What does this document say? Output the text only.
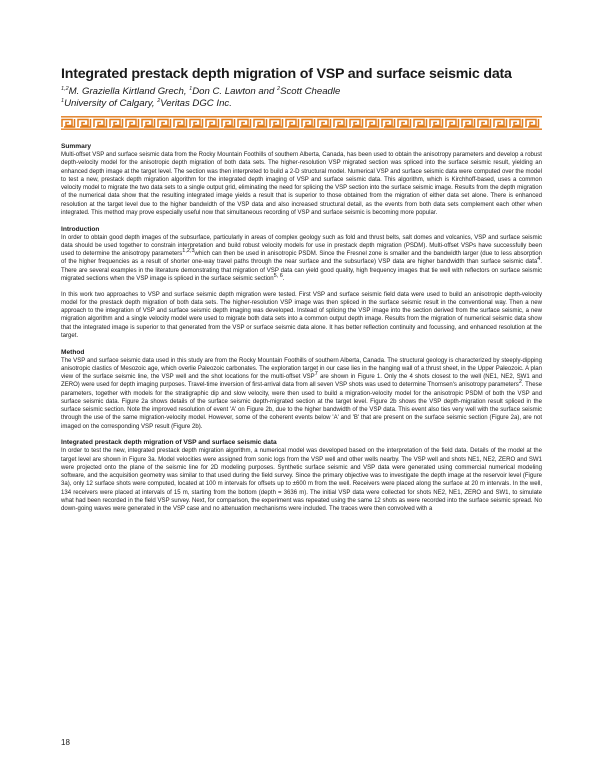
Integrated prestack depth migration of VSP and surface seismic data
$^{1,2}$M. Graziella Kirtland Grech, $^1$Don C. Lawton and $^2$Scott Cheadle
$^1$University of Calgary, $^2$Veritas DGC Inc.
Summary

Multi-offset VSP and surface seismic data from the Rocky Mountain Foothills of southern Alberta, Canada, has been used to obtain the anisotropy parameters and develop a robust depth-velocity model for the anisotropic depth migration of both data sets. The higher-resolution VSP migrated section was spliced into the surface seismic result, yielding an enhanced depth image at the target level. The section was then interpreted to build a 2-D structural model. Numerical VSP and surface seismic data were computed over the model to test a new, prestack depth migration algorithm for the integrated depth imaging of VSP and surface seismic data. This algorithm, which is Kirchhoff-based, uses a common velocity model to migrate the two data sets to a single output grid, eliminating the need for splicing the VSP section into the surface seismic image. Results from the depth migration of the numerical data show that the resulting integrated image yields a result that is superior to those obtained from the migration of either data set alone. There is enhanced resolution at the target level due to the higher bandwidth of the VSP data and also increased structural detail, as the events from both data sets complement each other when integrated. This method may prove especially useful now that simultaneous recording of VSP and surface seismic is becoming more popular.

Introduction

In order to obtain good depth images of the subsurface, particularly in areas of complex geology such as fold and thrust belts, salt domes and volcanics, VSP and surface seismic data should be used together to constrain interpretation and build robust velocity models for use in prestack depth migration (PSDM). Multi-offset VSPs have successfully been used to determine the anisotropy parameters$^{1,2,3}$which can then be used in anisotropic PSDM. Since the Fresnel zone is smaller and the bandwidth larger (due to less absorption of the higher frequencies as a result of shorter one-way travel paths through the near surface and the subsurface) VSP data are higher bandwidth than surface seismic data$^4$. There are several examples in the literature demonstrating that migration of VSP data can yield good quality, high frequency images that tie well with reflectors on surface seismic migrated sections when the VSP image is spliced in the surface seismic section$^{5, 6}$.

In this work two approaches to VSP and surface seismic depth migration were tested. First VSP and surface seismic field data were used to build an anisotropic depth-velocity model for the prestack depth migration of both data sets. The higher-resolution VSP image was then spliced in the surface seismic result in the conventional way. Then a new approach to the integration of VSP and surface seismic depth imaging was developed. Instead of splicing the VSP image into the section derived from the surface seismic, a new migration algorithm and a single velocity model were used to migrate both data sets into a common output depth image. Results from the migration of numerical seismic data show that the integrated image is superior to that generated from the VSP or surface seismic data alone. It has better reflection continuity and focussing, and enhanced resolution at the target.

Method

The VSP and surface seismic data used in this study are from the Rocky Mountain Foothills of southern Alberta, Canada. The structural geology is characterized by steeply-dipping anisotropic clastics of Mesozoic age, which overlie Paleozoic carbonates. The exploration target in our case lies in the hanging wall of a thrust sheet, in the Upper Paleozoic. A plan view of the surface seismic line, the VSP well and the shot locations for the multi-offset VSP$^7$ are shown in Figure 1. Only the 4 shots closest to the well (NE1, NE2, SW1 and ZERO) were used for depth imaging purposes. Travel-time inversion of first-arrival data from all seven VSP shots was used to determine Thomsen's anisotropy parameters$^2$. These parameters, together with models for the stratigraphic dip and slow velocity, were then used to build a migration-velocity model for the anisotropic PSDM of both the VSP and surface seismic data. Figure 2a shows details of the surface seismic depth-migrated section at the target level. Figure 2b shows the VSP depth-migration result spliced in the surface seismic section. Note the improved resolution of event 'A' on Figure 2b, due to the higher bandwidth of the VSP data. This event also ties very well with the surface seismic through the use of the same migration-velocity model. However, some of the coherent events below 'A' and 'B' that are present on the surface seismic section (Figure 2a), are not imaged on the corresponding VSP result (Figure 2b).

Integrated prestack depth migration of VSP and surface seismic data

In order to test the new, integrated prestack depth migration algorithm, a numerical model was developed based on the interpretation of the field data. Details of the model at the target level are shown in Figure 3a. Model velocities were assigned from sonic logs from the VSP well and other wells nearby. The VSP well and shots NE1, NE2, ZERO and SW1 were projected onto the plane of the seismic line for 2D modeling purposes. Synthetic surface seismic and VSP data were generated using commercial numerical modeling software, and the acquisition geometry was similar to that used during the field survey. Since the primary objective was to investigate the depth image at the reservoir level (Figure 3a), only 12 surface shots were computed, located at 100 m intervals for offsets up to ±600 m from the well. Receivers were placed along the surface at 20 m intervals. In the well, 134 receivers were placed at intervals of 15 m, starting from the bottom (depth = 3636 m). The initial VSP data were collected for shots NE2, NE1, ZERO and SW1, to simulate what had been recorded in the field VSP survey. Next, for comparison, the experiment was repeated using the same 12 shots as were recorded into the surface seismic spread. No down-going waves were generated in the VSP case and no attenuation mechanisms were included. The traces were then convolved with a

18
